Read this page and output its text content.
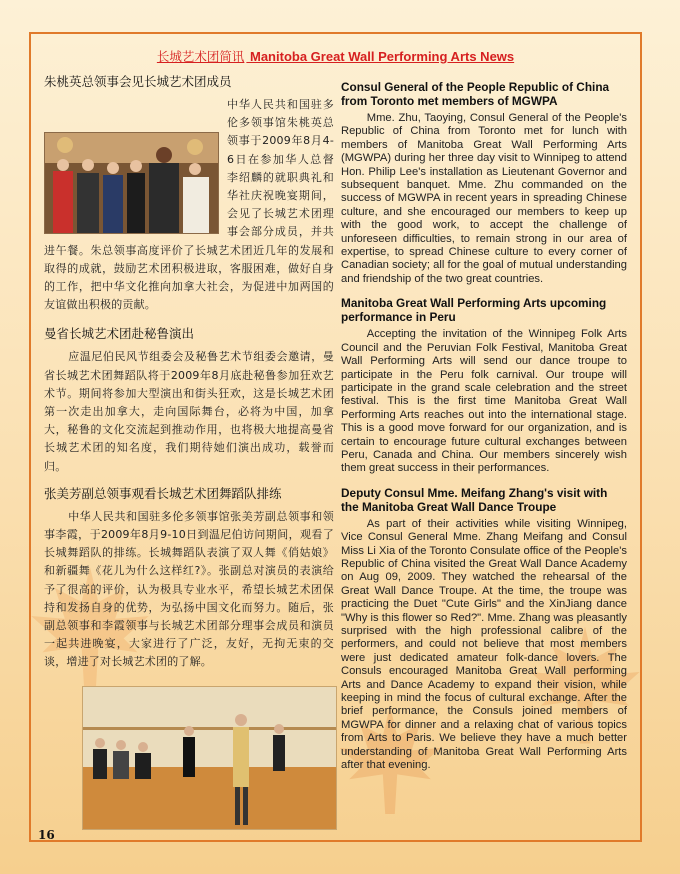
长城艺术团简讯 Manitoba Great Wall Performing Arts News
朱桃英总领事会见长城艺术团成员

中华人民共和国驻多伦多领事馆朱桃英总领事于2009年8月4-6日在参加华人总督李绍麟的就职典礼和华社庆祝晚宴期间，会见了长城艺术团理事会部分成员，并共进午餐。朱总领事高度评价了长城艺术团近几年的发展和取得的成就，鼓励艺术团积极进取，客服困难，做好自身的工作，把中华文化推向加拿大社会，为促进中加两国的友谊做出积极的贡献。

曼省长城艺术团赴秘鲁演出

应温尼伯民风节组委会及秘鲁艺术节组委会邀请，曼省长城艺术团舞蹈队将于2009年8月底赴秘鲁参加狂欢艺术节。期间将参加大型演出和街头狂欢，这是长城艺术团第一次走出加拿大，走向国际舞台，必将为中国，加拿大，秘鲁的文化交流起到推动作用，也将极大地提高曼省长城艺术团的知名度，我们期待她们演出成功，载誉而归。

张美芳副总领事观看长城艺术团舞蹈队排练

中华人民共和国驻多伦多领事馆张美芳副总领事和领事李霞，于2009年8月9-10日到温尼伯访问期间，观看了长城舞蹈队的排练。长城舞蹈队表演了双人舞《俏姑娘》和新疆舞《花儿为什么这样红?》。张副总对演员的表演给予了很高的评价，认为极具专业水平，希望长城艺术团保持和发扬自身的优势，为弘扬中国文化而努力。随后，张副总领事和李霞领事与长城艺术团部分理事会成员和演员一起共进晚宴，大家进行了广泛，友好，无拘无束的交谈，增进了对长城艺术团的了解。

Consul General of the People Republic of China from Toronto met members of MGWPA

Mme. Zhu, Taoying, Consul General of the People's Republic of China from Toronto met for lunch with members of Manitoba Great Wall Performing Arts (MGWPA) during her three day visit to Winnipeg to attend Hon. Philip Lee's installation as Lieutenant Governor and subsequent banquet. Mme. Zhu commanded on the success of MGWPA in recent years in spreading Chinese culture, and she encouraged our members to keep up with the good work, to accept the challenge of unforeseen difficulties, to remain strong in our area of expertise, to spread Chinese culture to every corner of Canadian society; all for the goal of mutual understanding and friendship of the two great countries.

Manitoba Great Wall Performing Arts upcoming performance in Peru

Accepting the invitation of the Winnipeg Folk Arts Council and the Peruvian Folk Festival, Manitoba Great Wall Performing Arts will send our dance troupe to participate in the Peru folk carnival. Our troupe will participate in the grand scale celebration and the street festival. This is the first time Manitoba Great Wall Performing Arts reaches out into the international stage. This is a good move forward for our organization, and is certain to encourage future cultural exchanges between Peru, Canada and China. Our members sincerely wish them great success in their performances.

Deputy Consul Mme. Meifang Zhang's visit with the Manitoba Great Wall Dance Troupe

As part of their activities while visiting Winnipeg, Vice Consul General Mme. Zhang Meifang and Consul Miss Li Xia of the Toronto Consulate office of the People's Republic of China visited the Great Wall Dance Academy on Aug 09, 2009. They watched the rehearsal of the Great Wall Dance Troupe. At the time, the troupe was practicing the Duet "Cute Girls" and the XinJiang dance "Why is this flower so Red?". Mme. Zhang was pleasantly surprised with the high professional calibre of the performers, and could not believe that most members were just dedicated amateur folk-dance lovers. The Consuls encouraged Manitoba Great Wall performing Arts and Dance Academy to expand their vision, while keeping in mind the focus of cultural exchange. After the brief performance, the Consuls joined members of MGWPA for dinner and a relaxing chat of various topics from Arts to Paris. We believe they have a much better understanding of Manitoba Great Wall Performing Arts after that evening.

16
